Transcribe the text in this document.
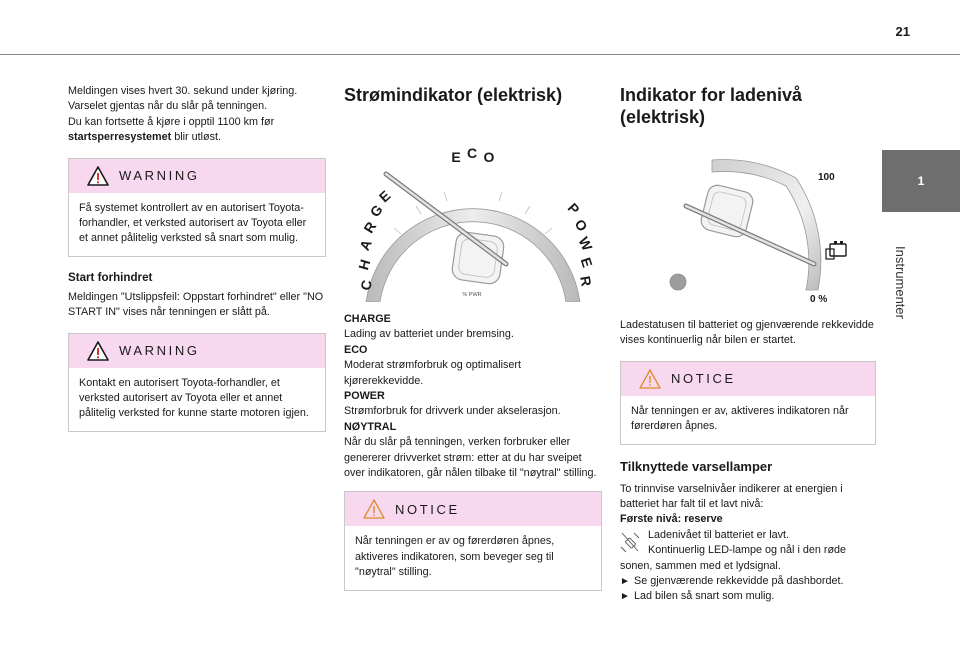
21
1
Instrumenter

Meldingen vises hvert 30. sekund under kjøring.
Varselet gjentas når du slår på tenningen.
Du kan fortsette å kjøre i opptil 1100 km før
startsperresystemet blir utløst.

WARNING
Få systemet kontrollert av en autorisert Toyota-forhandler, et verksted autorisert av Toyota eller et annet pålitelig verksted så snart som mulig.
Start forhindret

Meldingen "Utslippsfeil: Oppstart forhindret" eller "NO START IN" vises når tenningen er slått på.

WARNING
Kontakt en autorisert Toyota-forhandler, et verksted autorisert av Toyota eller et annet pålitelig verksted for kunne starte motoren igjen.
Strømindikator (elektrisk)
E C O
C
H
A
R
G
E
P
O
W
E
R
% PWR

CHARGE

Lading av batteriet under bremsing.

ECO

Moderat strømforbruk og optimalisert kjørerekkevidde.

POWER

Strømforbruk for drivverk under akselerasjon.

NØYTRAL

Når du slår på tenningen, verken forbruker eller genererer drivverket strøm: etter at du har sveipet over indikatoren, går nålen tilbake til "nøytral" stilling.

NOTICE
Når tenningen er av og førerdøren åpnes, aktiveres indikatoren, som beveger seg til "nøytral" stilling.
Indikator for ladenivå
(elektrisk)
100
0 %

Ladestatusen til batteriet og gjenværende rekkevidde vises kontinuerlig når bilen er startet.

NOTICE
Når tenningen er av, aktiveres indikatoren når førerdøren åpnes.
Tilknyttede varsellamper

To trinnvise varselnivåer indikerer at energien i batteriet har falt til et lavt nivå:

Første nivå: reserve

Ladenivået til batteriet er lavt.

Kontinuerlig LED-lampe og nål i den røde sonen, sammen med et lydsignal.

► Se gjenværende rekkevidde på dashbordet.

► Lad bilen så snart som mulig.
